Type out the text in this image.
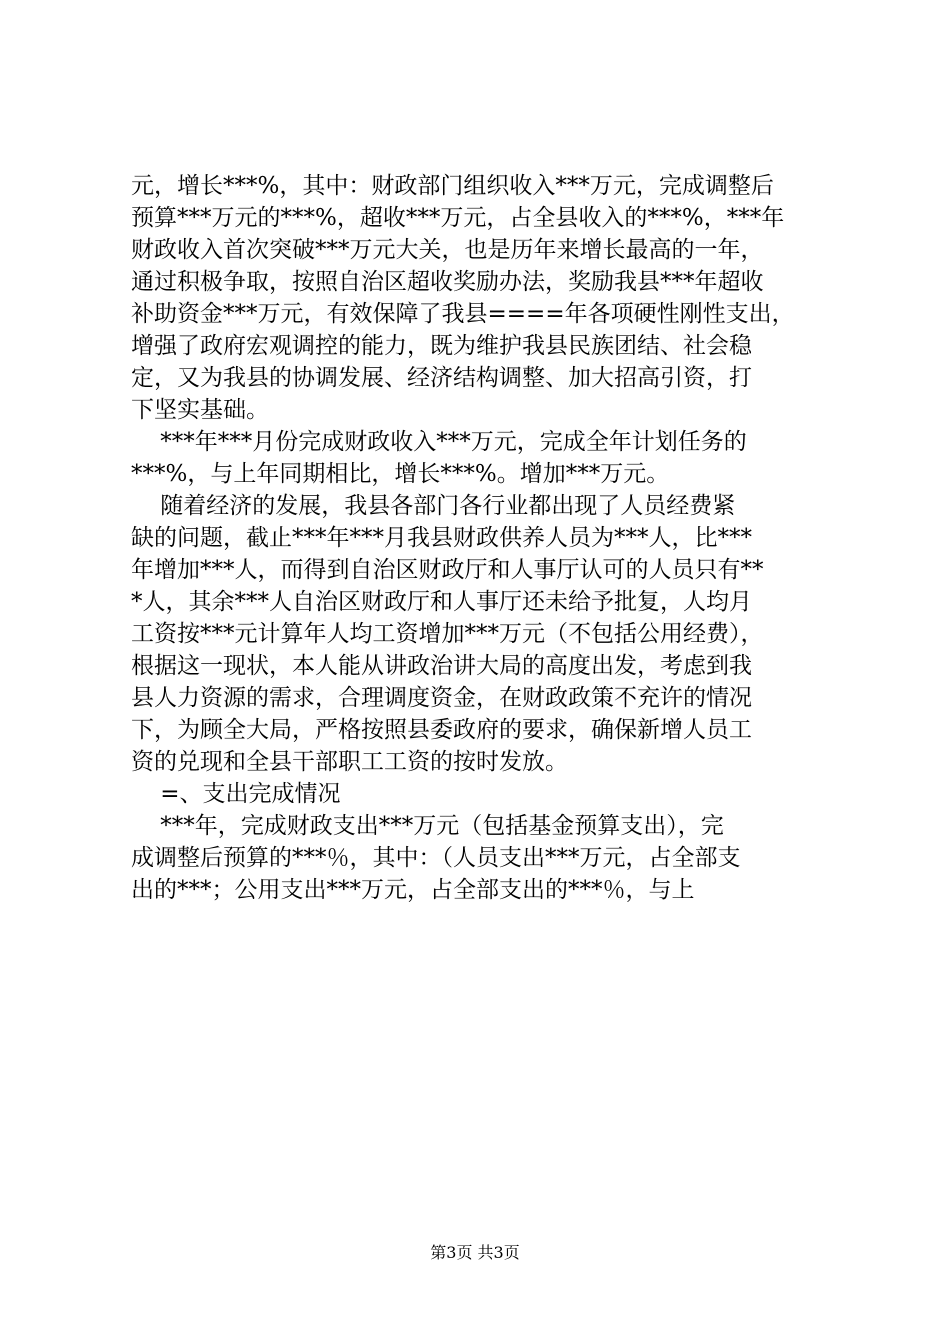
元，增长***%，其中：财政部门组织收入***万元，完成调整后
预算***万元的***%，超收***万元，占全县收入的***%，***年
财政收入首次突破***万元大关，也是历年来增长最高的一年，
通过积极争取，按照自治区超收奖励办法，奖励我县***年超收
补助资金***万元，有效保障了我县====年各项硬性刚性支出，
增强了政府宏观调控的能力，既为维护我县民族团结、社会稳
定，又为我县的协调发展、经济结构调整、加大招高引资，打
下坚实基础。
***年***月份完成财政收入***万元，完成全年计划任务的
***%，与上年同期相比，增长***%。增加***万元。
随着经济的发展，我县各部门各行业都出现了人员经费紧
缺的问题，截止***年***月我县财政供养人员为***人，比***
年增加***人，而得到自治区财政厅和人事厅认可的人员只有**
*人，其余***人自治区财政厅和人事厅还未给予批复，人均月
工资按***元计算年人均工资增加***万元（不包括公用经费），
根据这一现状，本人能从讲政治讲大局的高度出发，考虑到我
县人力资源的需求，合理调度资金，在财政政策不充许的情况
下，为顾全大局，严格按照县委政府的要求，确保新增人员工
资的兑现和全县干部职工工资的按时发放。
=、支出完成情况
***年，完成财政支出***万元（包括基金预算支出），完
成调整后预算的***％，其中：（人员支出***万元，占全部支
出的***；公用支出***万元，占全部支出的***％，与上
第3页 共3页
